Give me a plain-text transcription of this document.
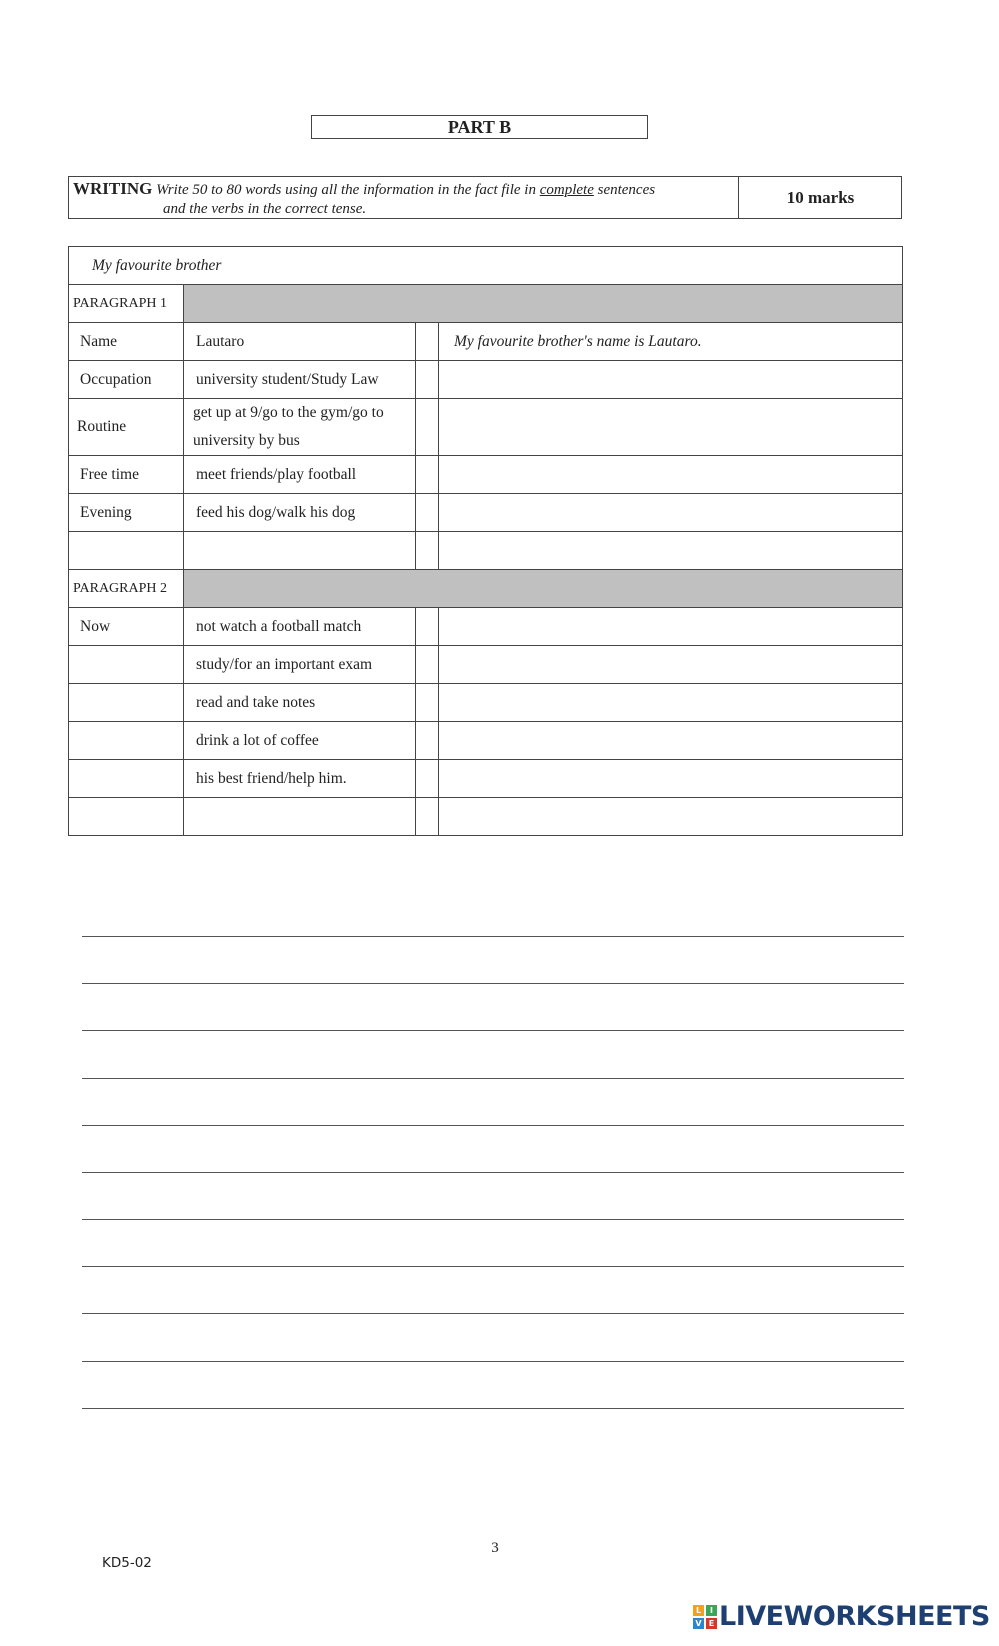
PART B
WRITING Write 50 to 80 words using all the information in the fact file in complete sentences
and the verbs in the correct tense.
10 marks
My favourite brother			
PARAGRAPH 1			
Name	Lautaro		My favourite brother's name is Lautaro.
Occupation	university student/Study Law		
Routine	get up at 9/go to the gym/go to
university by bus		

Free time	meet friends/play football		
Evening	feed his dog/walk his dog		

PARAGRAPH 2			
Now	not watch a football match		
	study/for an important exam		
	read and take notes		
	drink a lot of coffee		
	his best friend/help him.		

3
KD5-02
L	I
V E LIVEWORKSHEETS
